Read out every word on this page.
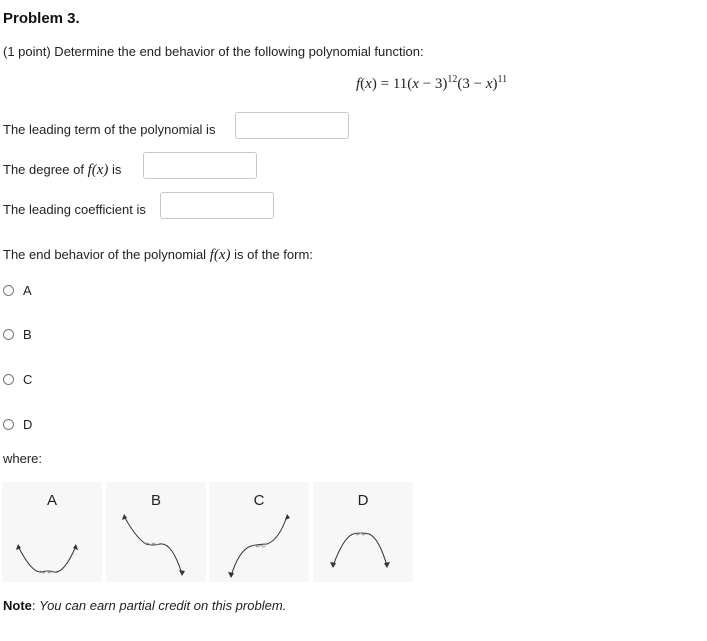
Problem 3.
(1 point) Determine the end behavior of the following polynomial function:
$f(x) = 11(x - 3)^{12}(3 - x)^{11}$
The leading term of the polynomial is
The degree of f(x) is
The leading coefficient is
The end behavior of the polynomial f(x) is of the form:
A
B
C
D
where:
A	B	C	D
Note: You can earn partial credit on this problem.
